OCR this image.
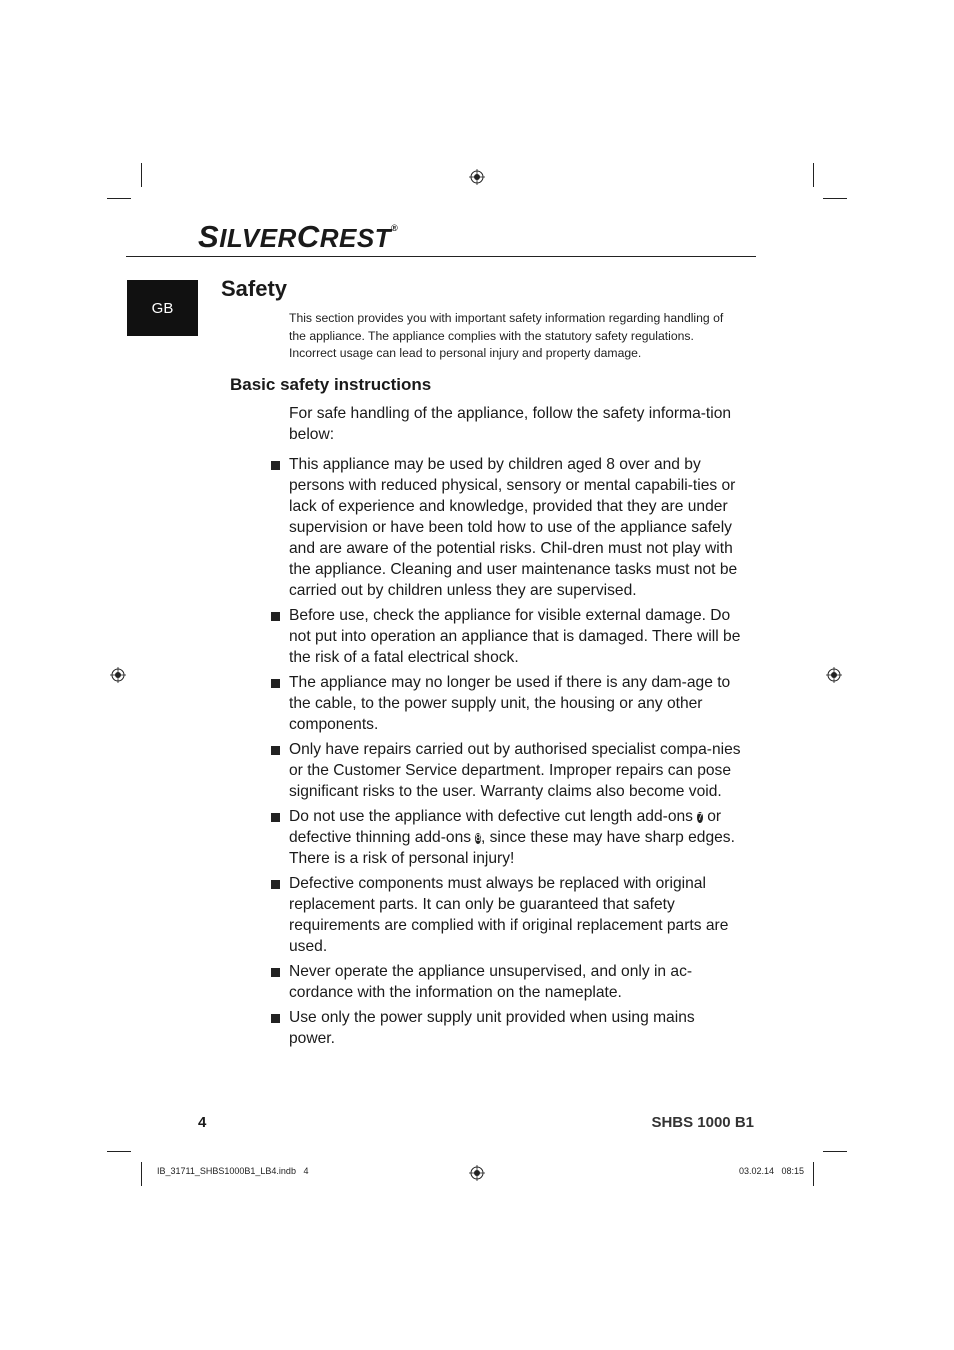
SILVERCREST®
GB
Safety
This section provides you with important safety information regarding handling of the appliance. The appliance complies with the statutory safety regulations. Incorrect usage can lead to personal injury and property damage.
Basic safety instructions
For safe handling of the appliance, follow the safety informa-tion below:
This appliance may be used by children aged 8 over and by persons with reduced physical, sensory or mental capabili-ties or lack of experience and knowledge, provided that they are under supervision or have been told how to use of the appliance safely and are aware of the potential risks. Chil-dren must not play with the appliance. Cleaning and user maintenance tasks must not be carried out by children unless they are supervised.
Before use, check the appliance for visible external damage. Do not put into operation an appliance that is damaged. There will be the risk of a fatal electrical shock.
The appliance may no longer be used if there is any dam-age to the cable, to the power supply unit, the housing or any other components.
Only have repairs carried out by authorised specialist compa-nies or the Customer Service department. Improper repairs can pose significant risks to the user. Warranty claims also become void.
Do not use the appliance with defective cut length add-ons 7 or defective thinning add-ons 8, since these may have sharp edges. There is a risk of personal injury!
Defective components must always be replaced with original replacement parts. It can only be guaranteed that safety requirements are complied with if original replacement parts are used.
Never operate the appliance unsupervised, and only in ac-cordance with the information on the nameplate.
Use only the power supply unit provided when using mains power.
4	SHBS 1000 B1
IB_31711_SHBS1000B1_LB4.indb   4	03.02.14   08:15
